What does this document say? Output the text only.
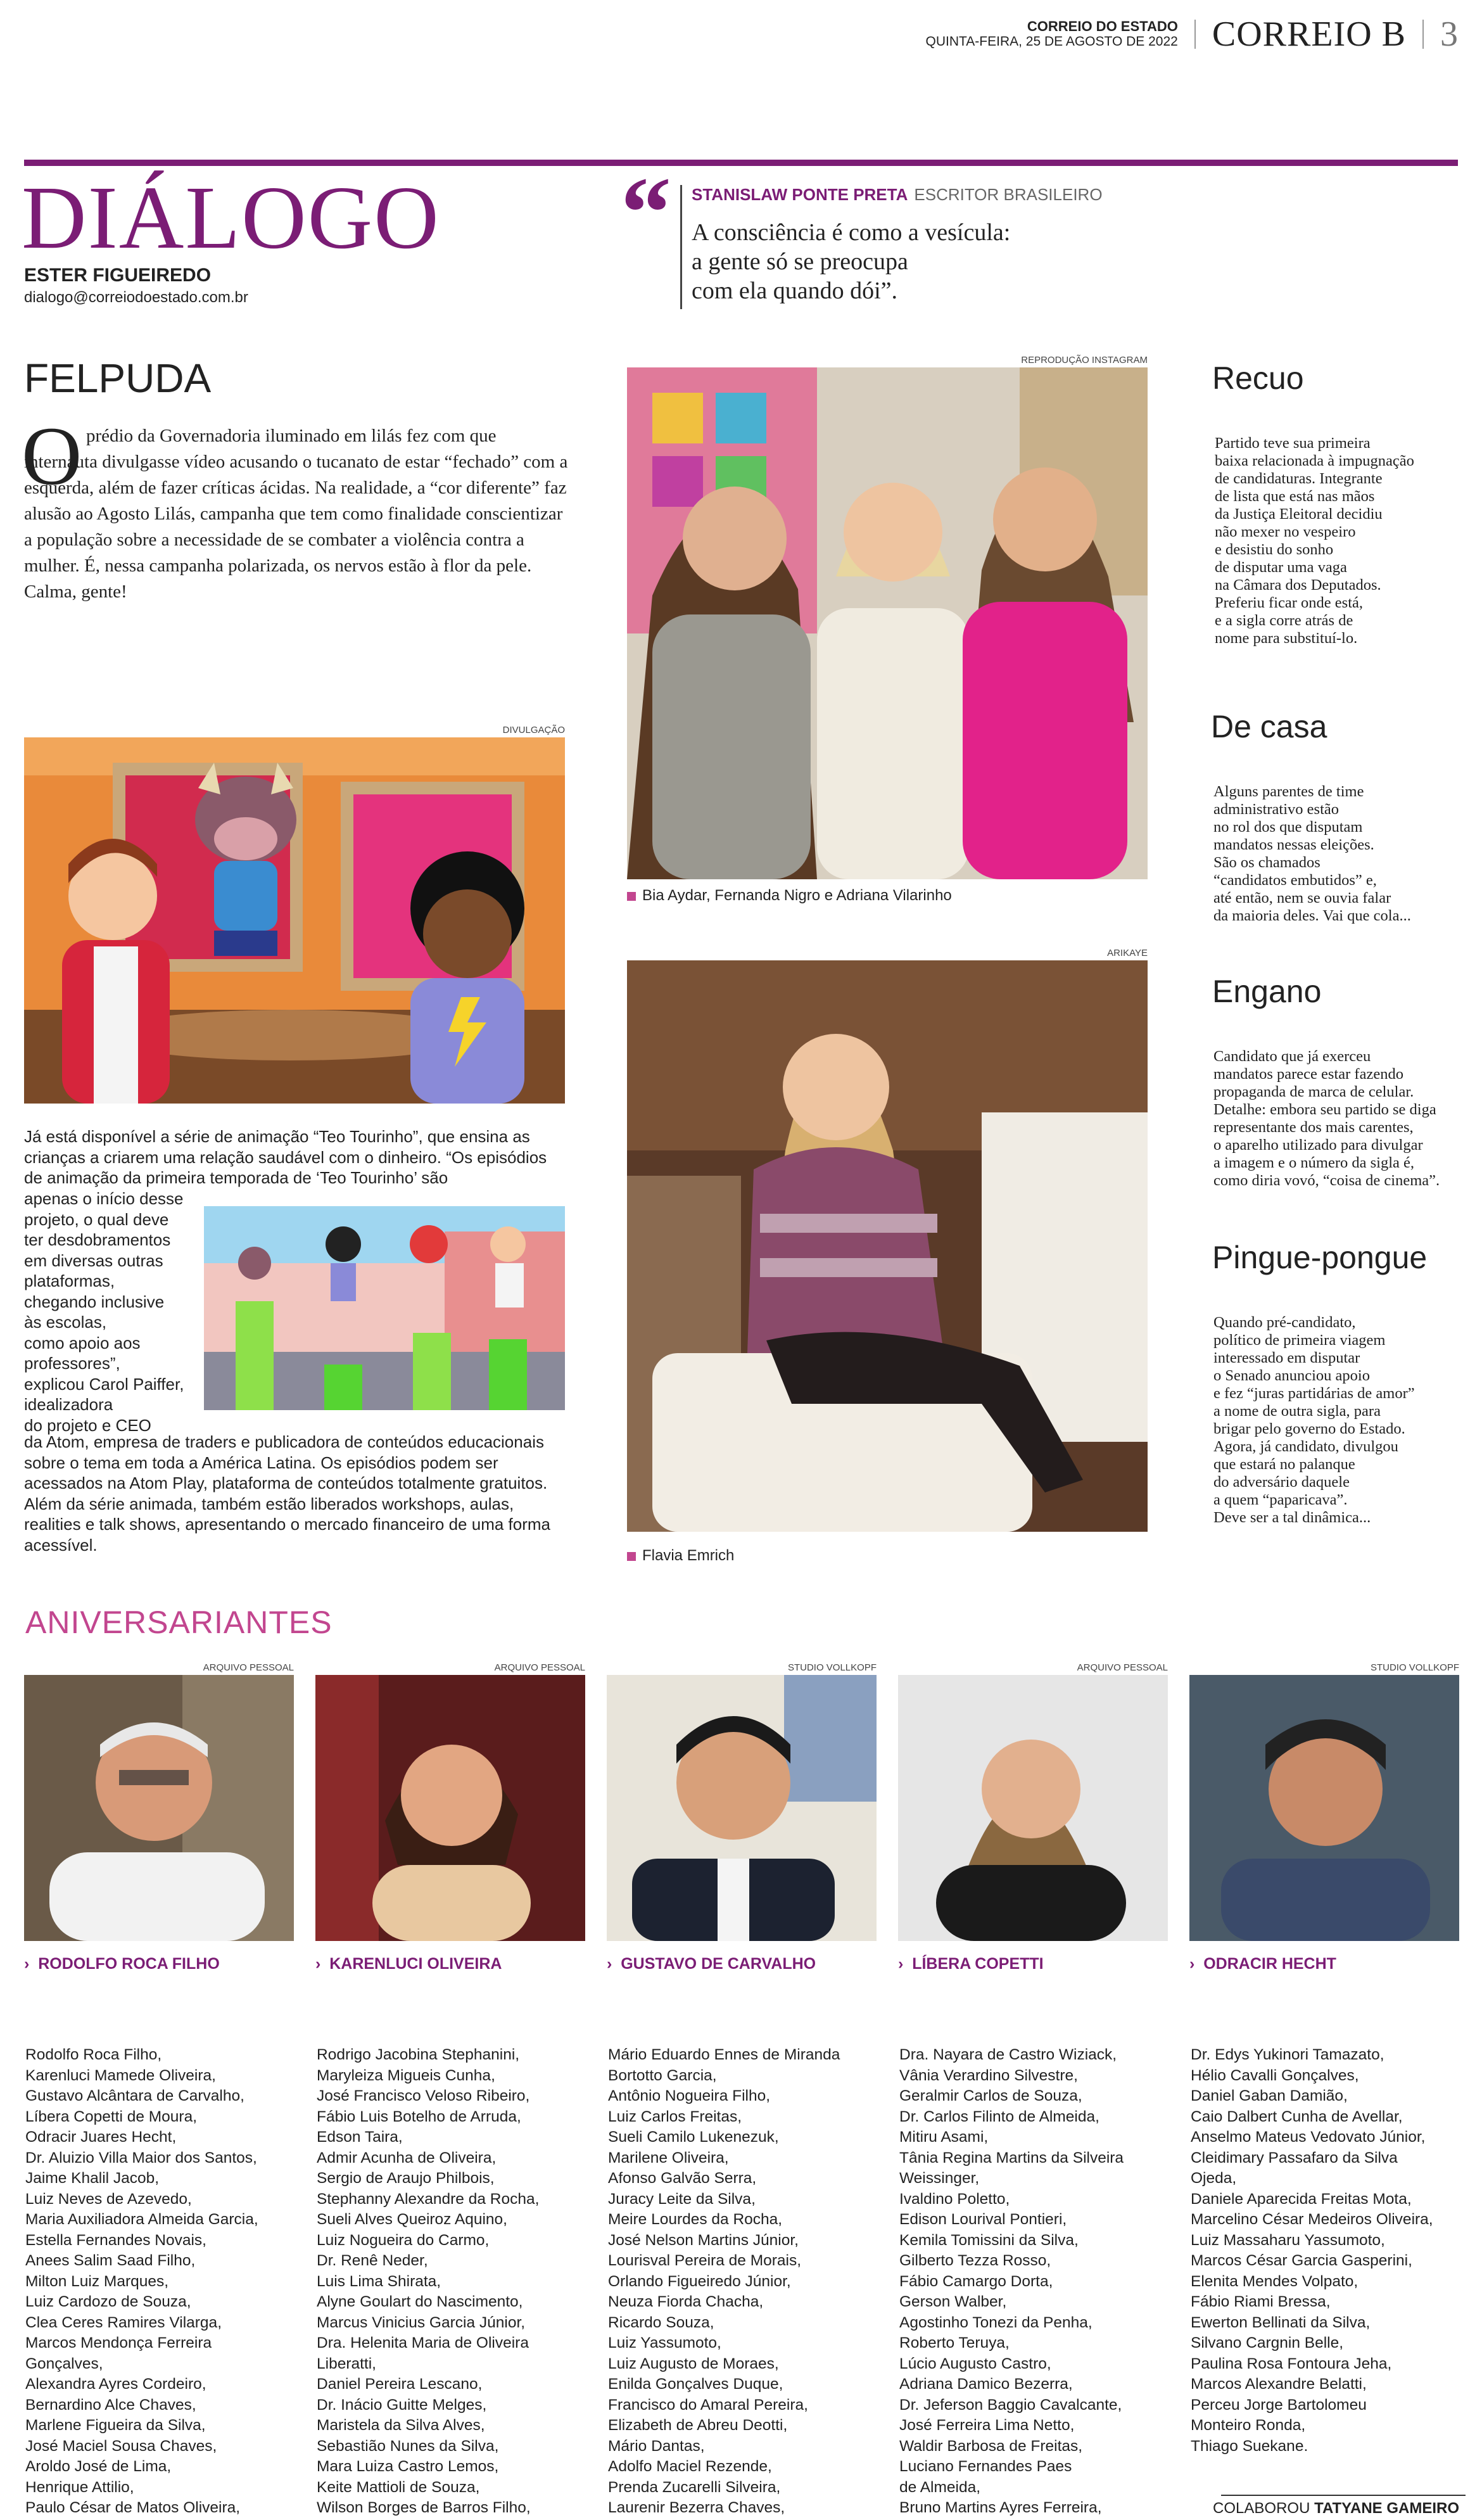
CORREIO DO ESTADO
QUINTA-FEIRA, 25 DE AGOSTO DE 2022 CORREIO B 3
DIÁLOGO
ESTER FIGUEIREDO
dialogo@correiodoestado.com.br
“ STANISLAW PONTE PRETA ESCRITOR BRASILEIRO
A consciência é como a vesícula:
a gente só se preocupa
com ela quando dói”.
FELPUDA
O prédio da Governadoria iluminado em lilás fez com que internauta divulgasse vídeo acusando o tucanato de estar “fechado” com a esquerda, além de fazer críticas ácidas. Na realidade, a “cor diferente” faz alusão ao Agosto Lilás, campanha que tem como finalidade conscientizar a população sobre a necessidade de se combater a violência contra a mulher. É, nessa campanha polarizada, os nervos estão à flor da pele. Calma, gente!
DIVULGAÇÃO
Já está disponível a série de animação “Teo Tourinho”, que ensina as crianças a criarem uma relação saudável com o dinheiro. “Os episódios de animação da primeira temporada de ‘Teo Tourinho’ são
apenas o início desse
projeto, o qual deve
ter desdobramentos
em diversas outras
plataformas,
chegando inclusive
às escolas,
como apoio aos
professores”,
explicou Carol Paiffer,
idealizadora
do projeto e CEO
da Atom, empresa de traders e publicadora de conteúdos educacionais sobre o tema em toda a América Latina. Os episódios podem ser acessados na Atom Play, plataforma de conteúdos totalmente gratuitos. Além da série animada, também estão liberados workshops, aulas, realities e talk shows, apresentando o mercado financeiro de uma forma acessível.
REPRODUÇÃO INSTAGRAM
Bia Aydar, Fernanda Nigro e Adriana Vilarinho
ARIKAYE
Flavia Emrich
Recuo
Partido teve sua primeira
baixa relacionada à impugnação
de candidaturas. Integrante
de lista que está nas mãos
da Justiça Eleitoral decidiu
não mexer no vespeiro
e desistiu do sonho
de disputar uma vaga
na Câmara dos Deputados.
Preferiu ficar onde está,
e a sigla corre atrás de
nome para substituí-lo.
De casa
Alguns parentes de time
administrativo estão
no rol dos que disputam
mandatos nessas eleições.
São os chamados
“candidatos embutidos” e,
até então, nem se ouvia falar
da maioria deles. Vai que cola...
Engano
Candidato que já exerceu
mandatos parece estar fazendo
propaganda de marca de celular.
Detalhe: embora seu partido se diga
representante dos mais carentes,
o aparelho utilizado para divulgar
a imagem e o número da sigla é,
como diria vovó, “coisa de cinema”.
Pingue-pongue
Quando pré-candidato,
político de primeira viagem
interessado em disputar
o Senado anunciou apoio
e fez “juras partidárias de amor”
a nome de outra sigla, para
brigar pelo governo do Estado.
Agora, já candidato, divulgou
que estará no palanque
do adversário daquele
a quem “paparicava”.
Deve ser a tal dinâmica...
ANIVERSARIANTES
ARQUIVO PESSOAL	ARQUIVO PESSOAL	STUDIO VOLLKOPF	ARQUIVO PESSOAL	STUDIO VOLLKOPF
›  RODOLFO ROCA FILHO	›  KARENLUCI OLIVEIRA	›  GUSTAVO DE CARVALHO	›  LÍBERA COPETTI	›  ODRACIR HECHT
Rodolfo Roca Filho,
Karenluci Mamede Oliveira,
Gustavo Alcântara de Carvalho,
Líbera Copetti de Moura,
Odracir Juares Hecht,
Dr. Aluizio Villa Maior dos Santos,
Jaime Khalil Jacob,
Luiz Neves de Azevedo,
Maria Auxiliadora Almeida Garcia,
Estella Fernandes Novais,
Anees Salim Saad Filho,
Milton Luiz Marques,
Luiz Cardozo de Souza,
Clea Ceres Ramires Vilarga,
Marcos Mendonça Ferreira
Gonçalves,
Alexandra Ayres Cordeiro,
Bernardino Alce Chaves,
Marlene Figueira da Silva,
José Maciel Sousa Chaves,
Aroldo José de Lima,
Henrique Attilio,
Paulo César de Matos Oliveira,
Rodrigo Jacobina Stephanini,
Maryleiza Migueis Cunha,
José Francisco Veloso Ribeiro,
Fábio Luis Botelho de Arruda,
Edson Taira,
Admir Acunha de Oliveira,
Sergio de Araujo Philbois,
Stephanny Alexandre da Rocha,
Sueli Alves Queiroz Aquino,
Luiz Nogueira do Carmo,
Dr. Renê Neder,
Luis Lima Shirata,
Alyne Goulart do Nascimento,
Marcus Vinicius Garcia Júnior,
Dra. Helenita Maria de Oliveira
Liberatti,
Daniel Pereira Lescano,
Dr. Inácio Guitte Melges,
Maristela da Silva Alves,
Sebastião Nunes da Silva,
Mara Luiza Castro Lemos,
Keite Mattioli de Souza,
Wilson Borges de Barros Filho,
Mário Eduardo Ennes de Miranda
Bortotto Garcia,
Antônio Nogueira Filho,
Luiz Carlos Freitas,
Sueli Camilo Lukenezuk,
Marilene Oliveira,
Afonso Galvão Serra,
Juracy Leite da Silva,
Meire Lourdes da Rocha,
José Nelson Martins Júnior,
Lourisval Pereira de Morais,
Orlando Figueiredo Júnior,
Neuza Fiorda Chacha,
Ricardo Souza,
Luiz Yassumoto,
Luiz Augusto de Moraes,
Enilda Gonçalves Duque,
Francisco do Amaral Pereira,
Elizabeth de Abreu Deotti,
Mário Dantas,
Adolfo Maciel Rezende,
Prenda Zucarelli Silveira,
Laurenir Bezerra Chaves,
Dra. Nayara de Castro Wiziack,
Vânia Verardino Silvestre,
Geralmir Carlos de Souza,
Dr. Carlos Filinto de Almeida,
Mitiru Asami,
Tânia Regina Martins da Silveira
Weissinger,
Ivaldino Poletto,
Edison Lourival Pontieri,
Kemila Tomissini da Silva,
Gilberto Tezza Rosso,
Fábio Camargo Dorta,
Gerson Walber,
Agostinho Tonezi da Penha,
Roberto Teruya,
Lúcio Augusto Castro,
Adriana Damico Bezerra,
Dr. Jeferson Baggio Cavalcante,
José Ferreira Lima Netto,
Waldir Barbosa de Freitas,
Luciano Fernandes Paes
de Almeida,
Bruno Martins Ayres Ferreira,
Dr. Edys Yukinori Tamazato,
Hélio Cavalli Gonçalves,
Daniel Gaban Damião,
Caio Dalbert Cunha de Avellar,
Anselmo Mateus Vedovato Júnior,
Cleidimary Passafaro da Silva
Ojeda,
Daniele Aparecida Freitas Mota,
Marcelino César Medeiros Oliveira,
Luiz Massaharu Yassumoto,
Marcos César Garcia Gasperini,
Elenita Mendes Volpato,
Fábio Riami Bressa,
Ewerton Bellinati da Silva,
Silvano Cargnin Belle,
Paulina Rosa Fontoura Jeha,
Marcos Alexandre Belatti,
Perceu Jorge Bartolomeu
Monteiro Ronda,
Thiago Suekane.
COLABOROU TATYANE GAMEIRO
